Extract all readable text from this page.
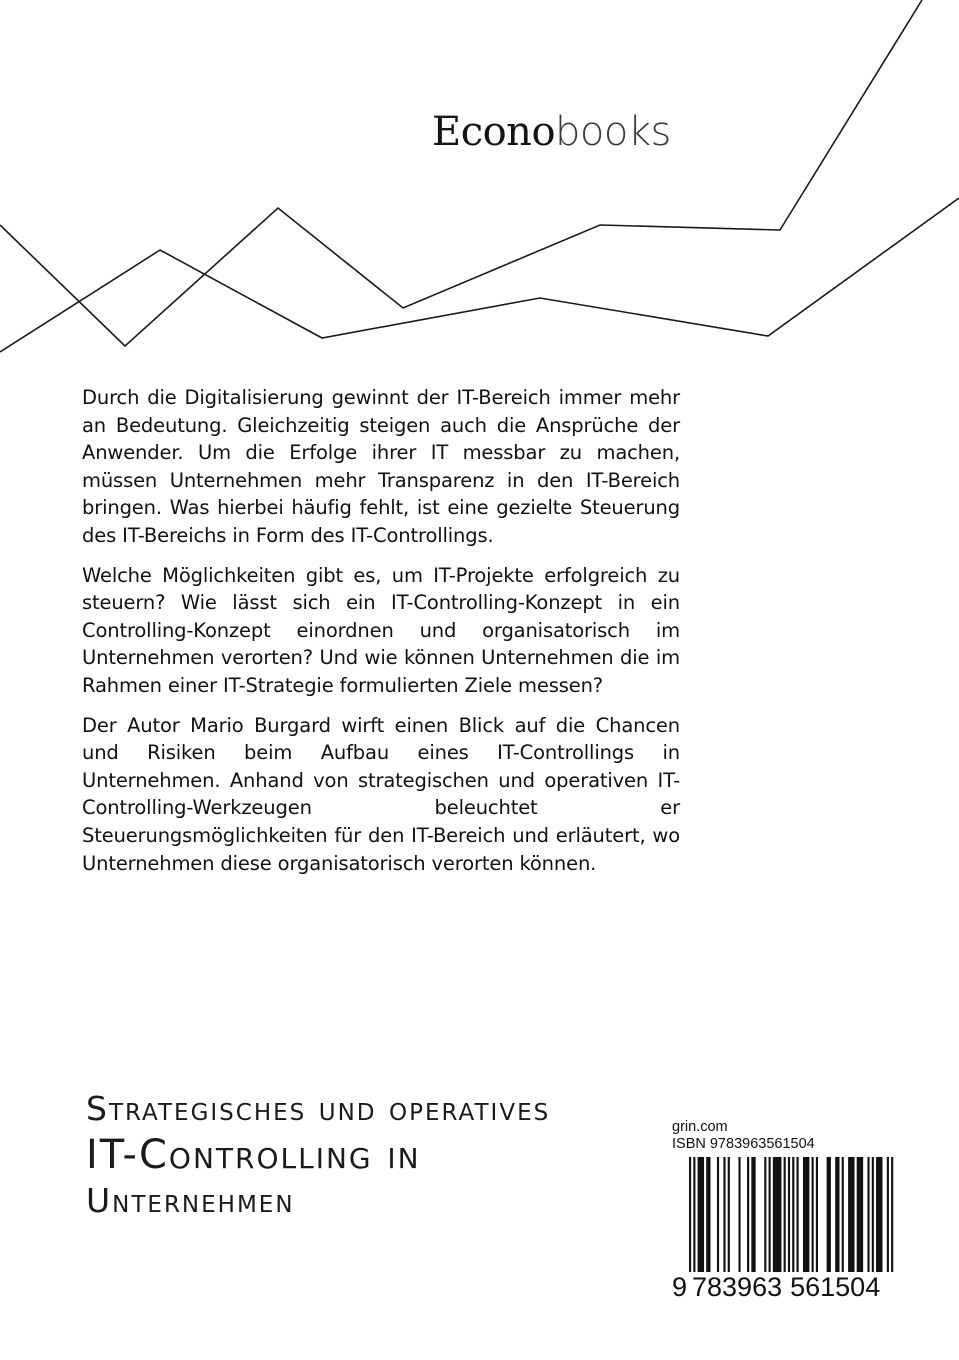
Econobooks

Durch die Digitalisierung gewinnt der IT-Bereich immer mehr an Bedeutung. Gleichzeitig steigen auch die Ansprüche der Anwender. Um die Erfolge ihrer IT messbar zu machen, müssen Unternehmen mehr Transparenz in den IT-Bereich bringen. Was hierbei häufig fehlt, ist eine gezielte Steuerung des IT-Bereichs in Form des IT-Controllings.

Welche Möglichkeiten gibt es, um IT-Projekte erfolgreich zu steuern? Wie lässt sich ein IT-Controlling-Konzept in ein Controlling-Konzept einordnen und organisatorisch im Unternehmen verorten? Und wie können Unternehmen die im Rahmen einer IT-Strategie formulierten Ziele messen?

Der Autor Mario Burgard wirft einen Blick auf die Chancen und Risiken beim Aufbau eines IT-Controllings in Unternehmen. Anhand von strategischen und operativen IT-Controlling-Werkzeugen beleuchtet er Steuerungsmöglichkeiten für den IT-Bereich und erläutert, wo Unternehmen diese organisatorisch verorten können.

Strategisches und operatives
IT-Controlling in
Unternehmen
grin.com
ISBN 9783963561504
9 783963 561504
